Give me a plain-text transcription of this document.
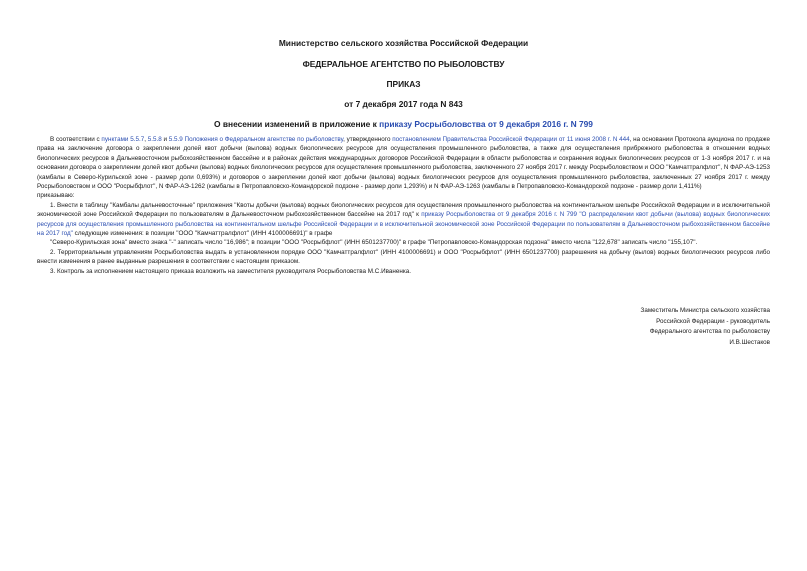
Министерство сельского хозяйства Российской Федерации
ФЕДЕРАЛЬНОЕ АГЕНТСТВО ПО РЫБОЛОВСТВУ
ПРИКАЗ
от 7 декабря 2017 года N 843
О внесении изменений в приложение к приказу Росрыболовства от 9 декабря 2016 г. N 799

В соответствии с пунктами 5.5.7, 5.5.8 и 5.5.9 Положения о Федеральном агентстве по рыболовству, утвержденного постановлением Правительства Российской Федерации от 11 июня 2008 г. N 444, на основании Протокола аукциона по продаже права на заключение договора о закреплении долей квот добычи (вылова) водных биологических ресурсов для осуществления промышленного рыболовства, а также для осуществления прибрежного рыболовства в отношении водных биологических ресурсов в Дальневосточном рыбохозяйственном бассейне и в районах действия международных договоров Российской Федерации в области рыболовства и сохранения водных биологических ресурсов от 1-3 ноября 2017 г. и на основании договора о закреплении долей квот добычи (вылова) водных биологических ресурсов для осуществления промышленного рыболовства, заключенного 27 ноября 2017 г. между Росрыболовством и ООО "Камчаттралфлот", N ФАР-АЭ-1253 (камбалы в Северо-Курильской зоне - размер доли 0,693%) и договоров о закреплении долей квот добычи (вылова) водных биологических ресурсов для осуществления промышленного рыболовства, заключенных 27 ноября 2017 г. между Росрыболовством и ООО "Росрыбфлот", N ФАР-АЭ-1262 (камбалы в Петропавловско-Командорской подзоне - размер доли 1,293%) и N ФАР-АЭ-1263 (камбалы в Петропавловско-Командорской подзоне - размер доли 1,411%)

приказываю:

1. Внести в таблицу "Камбалы дальневосточные" приложения "Квоты добычи (вылова) водных биологических ресурсов для осуществления промышленного рыболовства на континентальном шельфе Российской Федерации и в исключительной экономической зоне Российской Федерации по пользователям в Дальневосточном рыбохозяйственном бассейне на 2017 год" к приказу Росрыболовства от 9 декабря 2016 г. N 799 "О распределении квот добычи (вылова) водных биологических ресурсов для осуществления промышленного рыболовства на континентальном шельфе Российской Федерации и в исключительной экономической зоне Российской Федерации по пользователям в Дальневосточном рыбохозяйственном бассейне на 2017 год" следующие изменения: в позиции "ООО "Камчаттралфлот" (ИНН 4100006691)" в графе

"Северо-Курильская зона" вместо знака "-" записать число "16,986"; в позиции "ООО "Росрыбфлот" (ИНН 6501237700)" в графе "Петропавловско-Командорская подзона" вместо числа "122,678" записать число "155,107".

2. Территориальным управлениям Росрыболовства выдать в установленном порядке ООО "Камчаттралфлот" (ИНН 4100006691) и ООО "Росрыбфлот" (ИНН 6501237700) разрешения на добычу (вылов) водных биологических ресурсов либо внести изменения в ранее выданные разрешения в соответствии с настоящим приказом.

3. Контроль за исполнением настоящего приказа возложить на заместителя руководителя Росрыболовства М.С.Иваненка.

Заместитель Министра сельского хозяйства
Российской Федерации - руководитель
Федерального агентства по рыболовству
И.В.Шестаков
